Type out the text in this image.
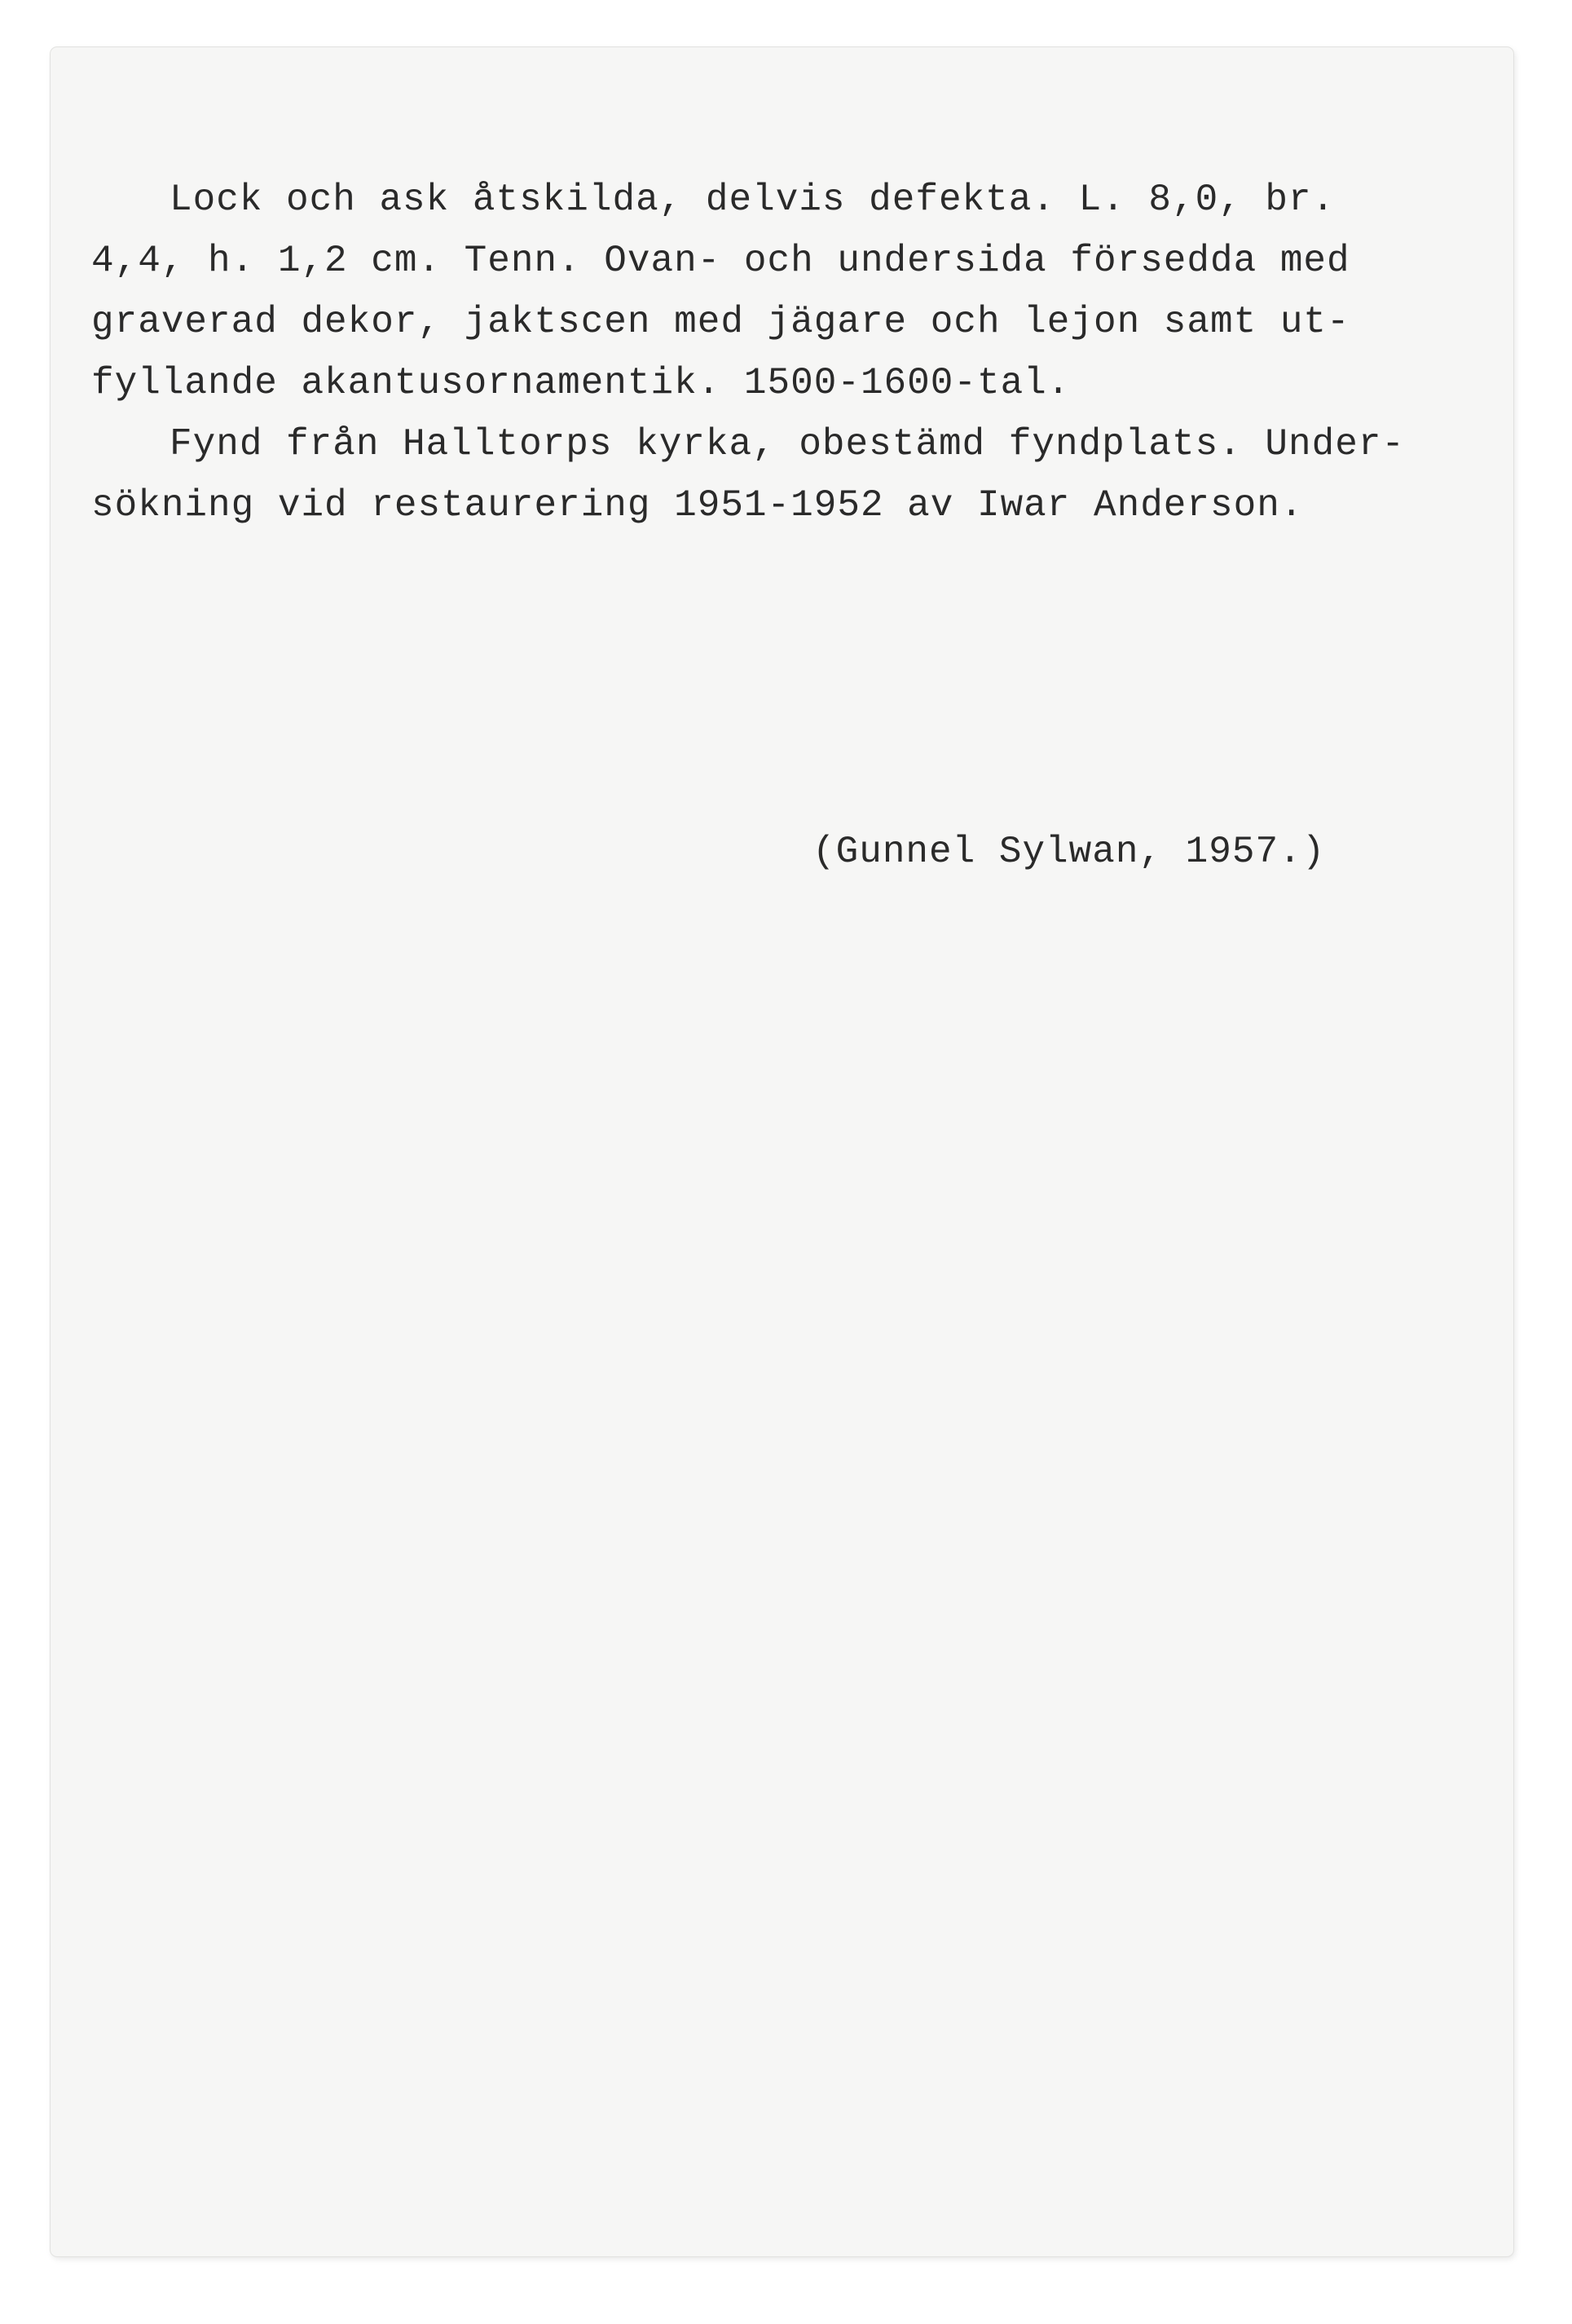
Lock och ask åtskilda, delvis defekta. L. 8,0, br.
4,4, h. 1,2 cm. Tenn. Ovan- och undersida försedda med
graverad dekor, jaktscen med jägare och lejon samt ut-
fyllande akantusornamentik. 1500-1600-tal.
Fynd från Halltorps kyrka, obestämd fyndplats. Under-
sökning vid restaurering 1951-1952 av Iwar Anderson.
(Gunnel Sylwan, 1957.)
